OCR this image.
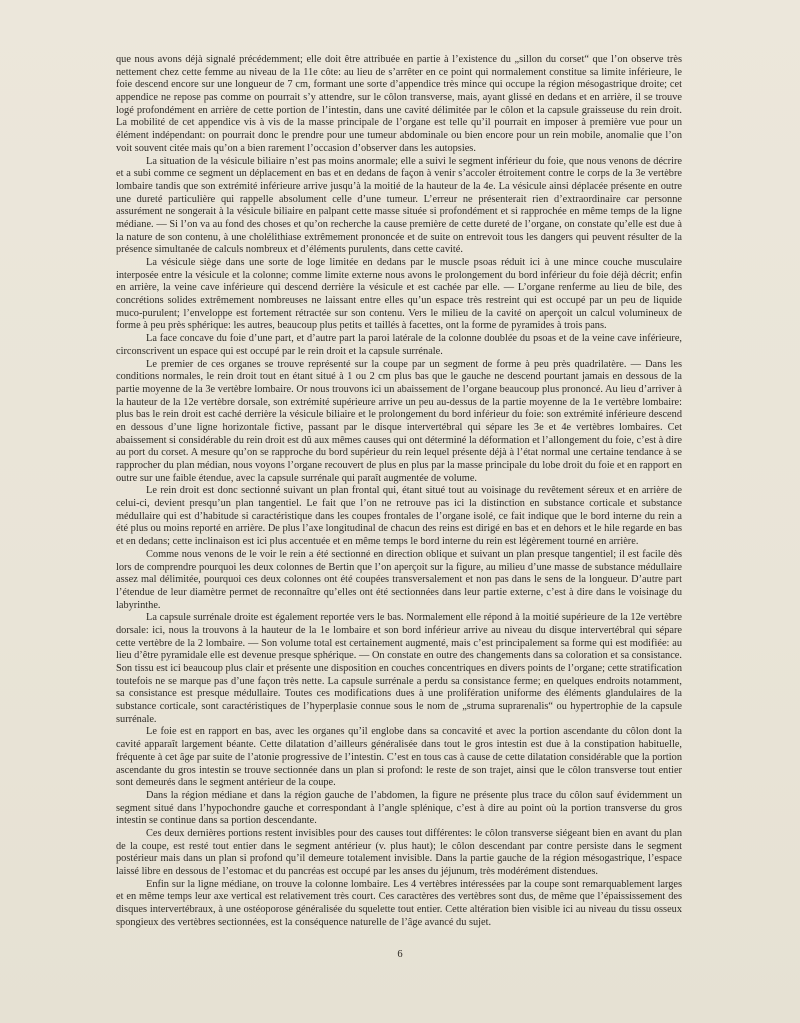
que nous avons déjà signalé précédemment; elle doit être attribuée en partie à l’existence du „sillon du corset“ que l’on observe très nettement chez cette femme au niveau de la 11e côte: au lieu de s’arrêter en ce point qui normalement constitue sa limite inférieure, le foie descend encore sur une longueur de 7 cm, formant une sorte d’appendice très mince qui occupe la région mésogastrique droite; cet appendice ne repose pas comme on pourrait s’y attendre, sur le côlon transverse, mais, ayant glissé en dedans et en arrière, il se trouve logé profondément en arrière de cette portion de l’intestin, dans une cavité délimitée par le côlon et la capsule graisseuse du rein droit. La mobilité de cet appendice vis à vis de la masse principale de l’organe est telle qu’il pourrait en imposer à première vue pour un élément indépendant: on pourrait donc le prendre pour une tumeur abdominale ou bien encore pour un rein mobile, anomalie que l’on voit souvent citée mais qu’on a bien rarement l’occasion d’observer dans les autopsies.

La situation de la vésicule biliaire n’est pas moins anormale; elle a suivi le segment inférieur du foie, que nous venons de décrire et a subi comme ce segment un déplacement en bas et en dedans de façon à venir s’accoler étroitement contre le corps de la 3e vertèbre lombaire tandis que son extrémité inférieure arrive jusqu’à la moitié de la hauteur de la 4e. La vésicule ainsi déplacée présente en outre une dureté particulière qui rappelle absolument celle d’une tumeur. L’erreur ne présenterait rien d’extraordinaire car personne assurément ne songerait à la vésicule biliaire en palpant cette masse située si profondément et si rapprochée en même temps de la ligne médiane. — Si l’on va au fond des choses et qu’on recherche la cause première de cette dureté de l’organe, on constate qu’elle est due à la nature de son contenu, à une cholélithiase extrêmement prononcée et de suite on entrevoit tous les dangers qui peuvent résulter de la présence simultanée de calculs nombreux et d’éléments purulents, dans cette cavité.

La vésicule siège dans une sorte de loge limitée en dedans par le muscle psoas réduit ici à une mince couche musculaire interposée entre la vésicule et la colonne; comme limite externe nous avons le prolongement du bord inférieur du foie déjà décrit; enfin en arrière, la veine cave inférieure qui descend derrière la vésicule et est cachée par elle. — L’organe renferme au lieu de bile, des concrétions solides extrêmement nombreuses ne laissant entre elles qu’un espace très restreint qui est occupé par un peu de liquide muco-purulent; l’enveloppe est fortement rétractée sur son contenu. Vers le milieu de la cavité on aperçoit un calcul volumineux de forme à peu près sphérique: les autres, beaucoup plus petits et taillés à facettes, ont la forme de pyramides à trois pans.

La face concave du foie d’une part, et d’autre part la paroi latérale de la colonne doublée du psoas et de la veine cave inférieure, circonscrivent un espace qui est occupé par le rein droit et la capsule surrénale.

Le premier de ces organes se trouve représenté sur la coupe par un segment de forme à peu près quadrilatère. — Dans les conditions normales, le rein droit tout en étant situé à 1 ou 2 cm plus bas que le gauche ne descend pourtant jamais en dessous de la partie moyenne de la 3e vertèbre lombaire. Or nous trouvons ici un abaissement de l’organe beaucoup plus prononcé. Au lieu d’arriver à la hauteur de la 12e vertèbre dorsale, son extrémité supérieure arrive un peu au-dessus de la partie moyenne de la 1e vertèbre lombaire: plus bas le rein droit est caché derrière la vésicule biliaire et le prolongement du bord inférieur du foie: son extrémité inférieure descend en dessous d’une ligne horizontale fictive, passant par le disque intervertébral qui sépare les 3e et 4e vertèbres lombaires. Cet abaissement si considérable du rein droit est dû aux mêmes causes qui ont déterminé la déformation et l’allongement du foie, c’est à dire au port du corset. A mesure qu’on se rapproche du bord supérieur du rein lequel présente déjà à l’état normal une certaine tendance à se rapprocher du plan médian, nous voyons l’organe recouvert de plus en plus par la masse principale du lobe droit du foie et en rapport en outre sur une faible étendue, avec la capsule surrénale qui paraît augmentée de volume.

Le rein droit est donc sectionné suivant un plan frontal qui, étant situé tout au voisinage du revêtement séreux et en arrière de celui-ci, devient presqu’un plan tangentiel. Le fait que l’on ne retrouve pas ici la distinction en substance corticale et substance médullaire qui est d’habitude si caractéristique dans les coupes frontales de l’organe isolé, ce fait indique que le bord interne du rein a été plus ou moins reporté en arrière. De plus l’axe longitudinal de chacun des reins est dirigé en bas et en dehors et le hile regarde en bas et en dedans; cette inclinaison est ici plus accentuée et en même temps le bord interne du rein est légèrement tourné en arrière.

Comme nous venons de le voir le rein a été sectionné en direction oblique et suivant un plan presque tangentiel; il est facile dès lors de comprendre pourquoi les deux colonnes de Bertin que l’on aperçoit sur la figure, au milieu d’une masse de substance médullaire assez mal délimitée, pourquoi ces deux colonnes ont été coupées transversalement et non pas dans le sens de la longueur. D’autre part l’étendue de leur diamètre permet de reconnaître qu’elles ont été sectionnées dans leur partie externe, c’est à dire dans le voisinage du labyrinthe.

La capsule surrénale droite est également reportée vers le bas. Normalement elle répond à la moitié supérieure de la 12e vertèbre dorsale: ici, nous la trouvons à la hauteur de la 1e lombaire et son bord inférieur arrive au niveau du disque intervertébral qui sépare cette vertèbre de la 2 lombaire. — Son volume total est certainement augmenté, mais c’est principalement sa forme qui est modifiée: au lieu d’être pyramidale elle est devenue presque sphérique. — On constate en outre des changements dans sa coloration et sa consistance. Son tissu est ici beaucoup plus clair et présente une disposition en couches concentriques en divers points de l’organe; cette stratification toutefois ne se marque pas d’une façon très nette. La capsule surrénale a perdu sa consistance ferme; en quelques endroits notamment, sa consistance est presque médullaire. Toutes ces modifications dues à une prolifération uniforme des éléments glandulaires de la substance corticale, sont caractéristiques de l’hyperplasie connue sous le nom de „struma suprarenalis“ ou hypertrophie de la capsule surrénale.

Le foie est en rapport en bas, avec les organes qu’il englobe dans sa concavité et avec la portion ascendante du côlon dont la cavité apparaît largement béante. Cette dilatation d’ailleurs généralisée dans tout le gros intestin est due à la constipation habituelle, fréquente à cet âge par suite de l’atonie progressive de l’intestin. C’est en tous cas à cause de cette dilatation considérable que la portion ascendante du gros intestin se trouve sectionnée dans un plan si profond: le reste de son trajet, ainsi que le côlon transverse tout entier sont demeurés dans le segment antérieur de la coupe.

Dans la région médiane et dans la région gauche de l’abdomen, la figure ne présente plus trace du côlon sauf évidemment un segment situé dans l’hypochondre gauche et correspondant à l’angle splénique, c’est à dire au point où la portion transverse du gros intestin se continue dans sa portion descendante.

Ces deux dernières portions restent invisibles pour des causes tout différentes: le côlon transverse siégeant bien en avant du plan de la coupe, est resté tout entier dans le segment antérieur (v. plus haut); le côlon descendant par contre persiste dans le segment postérieur mais dans un plan si profond qu’il demeure totalement invisible. Dans la partie gauche de la région mésogastrique, l’espace laissé libre en dessous de l’estomac et du pancréas est occupé par les anses du jéjunum, très modérément distendues.

Enfin sur la ligne médiane, on trouve la colonne lombaire. Les 4 vertèbres intéressées par la coupe sont remarquablement larges et en même temps leur axe vertical est relativement très court. Ces caractères des vertèbres sont dus, de même que l’épaississement des disques intervertébraux, à une ostéoporose généralisée du squelette tout entier. Cette altération bien visible ici au niveau du tissu osseux spongieux des vertèbres sectionnées, est la conséquence naturelle de l’âge avancé du sujet.

6
